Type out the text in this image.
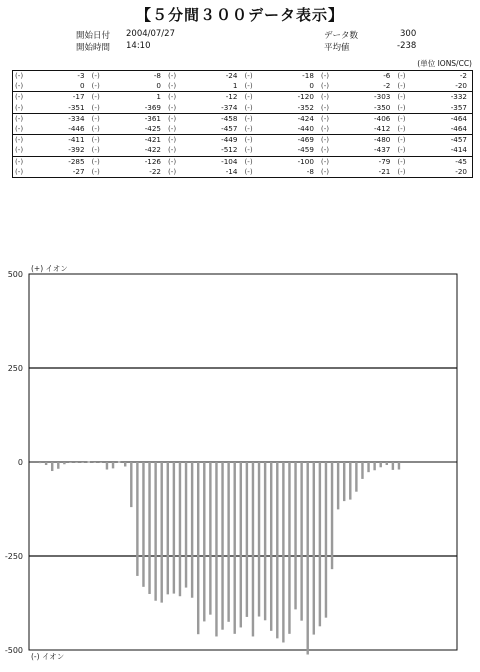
【５分間３００データ表示】
開始日付 2004/07/27
開始時間 14:10
データ数	300
平均値	-238
(単位 IONS/CC)
(-)	-3	(-)	-8	(-)	-24	(-)	-18	(-)	-6	(-)	-2
(-)	0	(-)	0	(-)	1	(-)	0	(-)	-2	(-)	-20
(-)	-17	(-)	1	(-)	-12	(-)	-120	(-)	-303	(-)	-332
(-)	-351	(-)	-369	(-)	-374	(-)	-352	(-)	-350	(-)	-357
(-)	-334	(-)	-361	(-)	-458	(-)	-424	(-)	-406	(-)	-464
(-)	-446	(-)	-425	(-)	-457	(-)	-440	(-)	-412	(-)	-464
(-)	-411	(-)	-421	(-)	-449	(-)	-469	(-)	-480	(-)	-457
(-)	-392	(-)	-422	(-)	-512	(-)	-459	(-)	-437	(-)	-414
(-)	-285	(-)	-126	(-)	-104	(-)	-100	(-)	-79	(-)	-45
(-)	-27	(-)	-22	(-)	-14	(-)	-8	(-)	-21	(-)	-20
500
250
0
-250
-500
(+) イオン
(-) イオン
